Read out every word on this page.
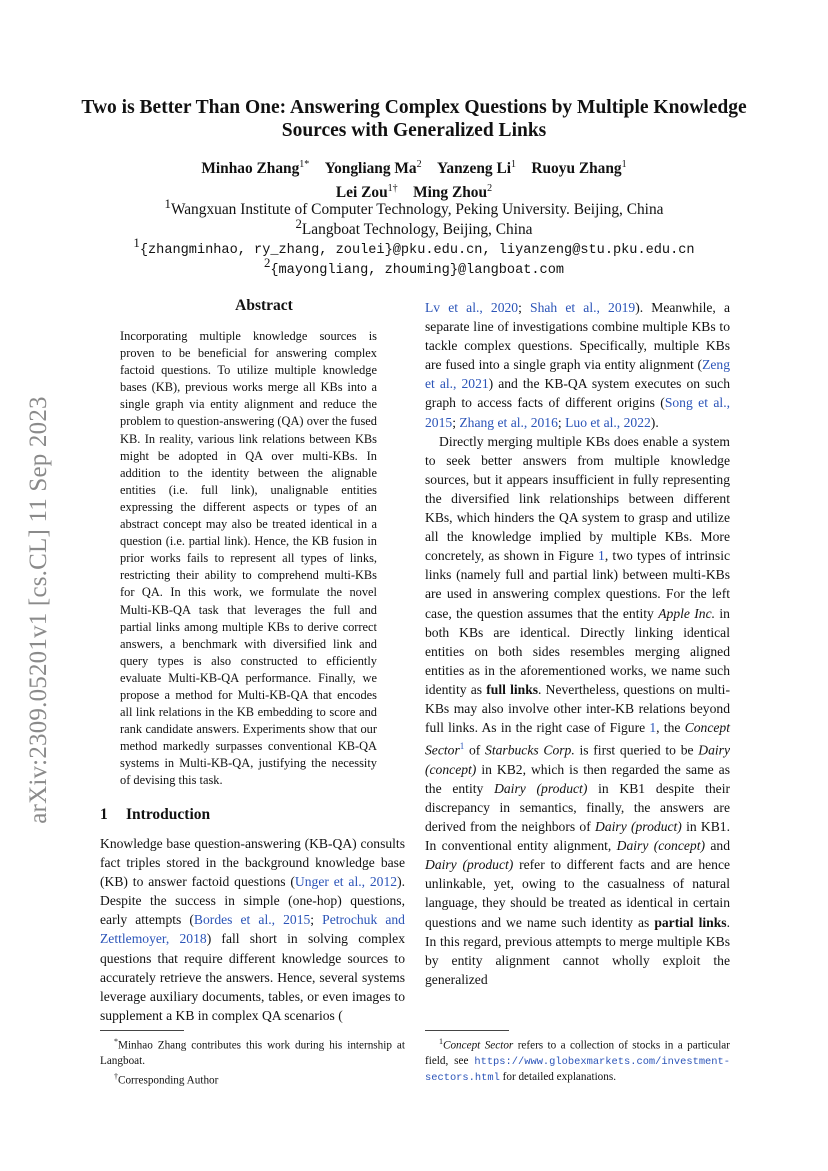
arXiv:2309.05201v1 [cs.CL] 11 Sep 2023
Two is Better Than One: Answering Complex Questions by Multiple Knowledge Sources with Generalized Links
Minhao Zhang$^{1*}$ Yongliang Ma$^2$ Yanzeng Li$^1$ Ruoyu Zhang$^1$
Lei Zou$^{1\dagger}$ Ming Zhou$^2$
$^1$Wangxuan Institute of Computer Technology, Peking University. Beijing, China
$^2$Langboat Technology, Beijing, China
$^1${zhangminhao, ry_zhang, zoulei}@pku.edu.cn, liyanzeng@stu.pku.edu.cn
$^2${mayongliang, zhouming}@langboat.com
Abstract
Incorporating multiple knowledge sources is proven to be beneficial for answering complex factoid questions. To utilize multiple knowledge bases (KB), previous works merge all KBs into a single graph via entity alignment and reduce the problem to question-answering (QA) over the fused KB. In reality, various link relations between KBs might be adopted in QA over multi-KBs. In addition to the identity between the alignable entities (i.e. full link), unalignable entities expressing the different aspects or types of an abstract concept may also be treated identical in a question (i.e. partial link). Hence, the KB fusion in prior works fails to represent all types of links, restricting their ability to comprehend multi-KBs for QA. In this work, we formulate the novel Multi-KB-QA task that leverages the full and partial links among multiple KBs to derive correct answers, a benchmark with diversified link and query types is also constructed to efficiently evaluate Multi-KB-QA performance. Finally, we propose a method for Multi-KB-QA that encodes all link relations in the KB embedding to score and rank candidate answers. Experiments show that our method markedly surpasses conventional KB-QA systems in Multi-KB-QA, justifying the necessity of devising this task.
1 Introduction

Knowledge base question-answering (KB-QA) consults fact triples stored in the background knowledge base (KB) to answer factoid questions (Unger et al., 2012). Despite the success in simple (one-hop) questions, early attempts (Bordes et al., 2015; Petrochuk and Zettlemoyer, 2018) fall short in solving complex questions that require different knowledge sources to accurately retrieve the answers. Hence, several systems leverage auxiliary documents, tables, or even images to supplement a KB in complex QA scenarios (

Lv et al., 2020; Shah et al., 2019). Meanwhile, a separate line of investigations combine multiple KBs to tackle complex questions. Specifically, multiple KBs are fused into a single graph via entity alignment (Zeng et al., 2021) and the KB-QA system executes on such graph to access facts of different origins (Song et al., 2015; Zhang et al., 2016; Luo et al., 2022).

Directly merging multiple KBs does enable a system to seek better answers from multiple knowledge sources, but it appears insufficient in fully representing the diversified link relationships between different KBs, which hinders the QA system to grasp and utilize all the knowledge implied by multiple KBs. More concretely, as shown in Figure 1, two types of intrinsic links (namely full and partial link) between multi-KBs are used in answering complex questions. For the left case, the question assumes that the entity Apple Inc. in both KBs are identical. Directly linking identical entities on both sides resembles merging aligned entities as in the aforementioned works, we name such identity as full links. Nevertheless, questions on multi-KBs may also involve other inter-KB relations beyond full links. As in the right case of Figure 1, the Concept Sector$^1$ of Starbucks Corp. is first queried to be Dairy (concept) in KB2, which is then regarded the same as the entity Dairy (product) in KB1 despite their discrepancy in semantics, finally, the answers are derived from the neighbors of Dairy (product) in KB1. In conventional entity alignment, Dairy (concept) and Dairy (product) refer to different facts and are hence unlinkable, yet, owing to the casualness of natural language, they should be treated as identical in certain questions and we name such identity as partial links. In this regard, previous attempts to merge multiple KBs by entity alignment cannot wholly exploit the generalized

*Minhao Zhang contributes this work during his internship at Langboat.

†Corresponding Author

$^1$Concept Sector refers to a collection of stocks in a particular field, see https://www.globexmarkets.com/investment-sectors.html for detailed explanations.
